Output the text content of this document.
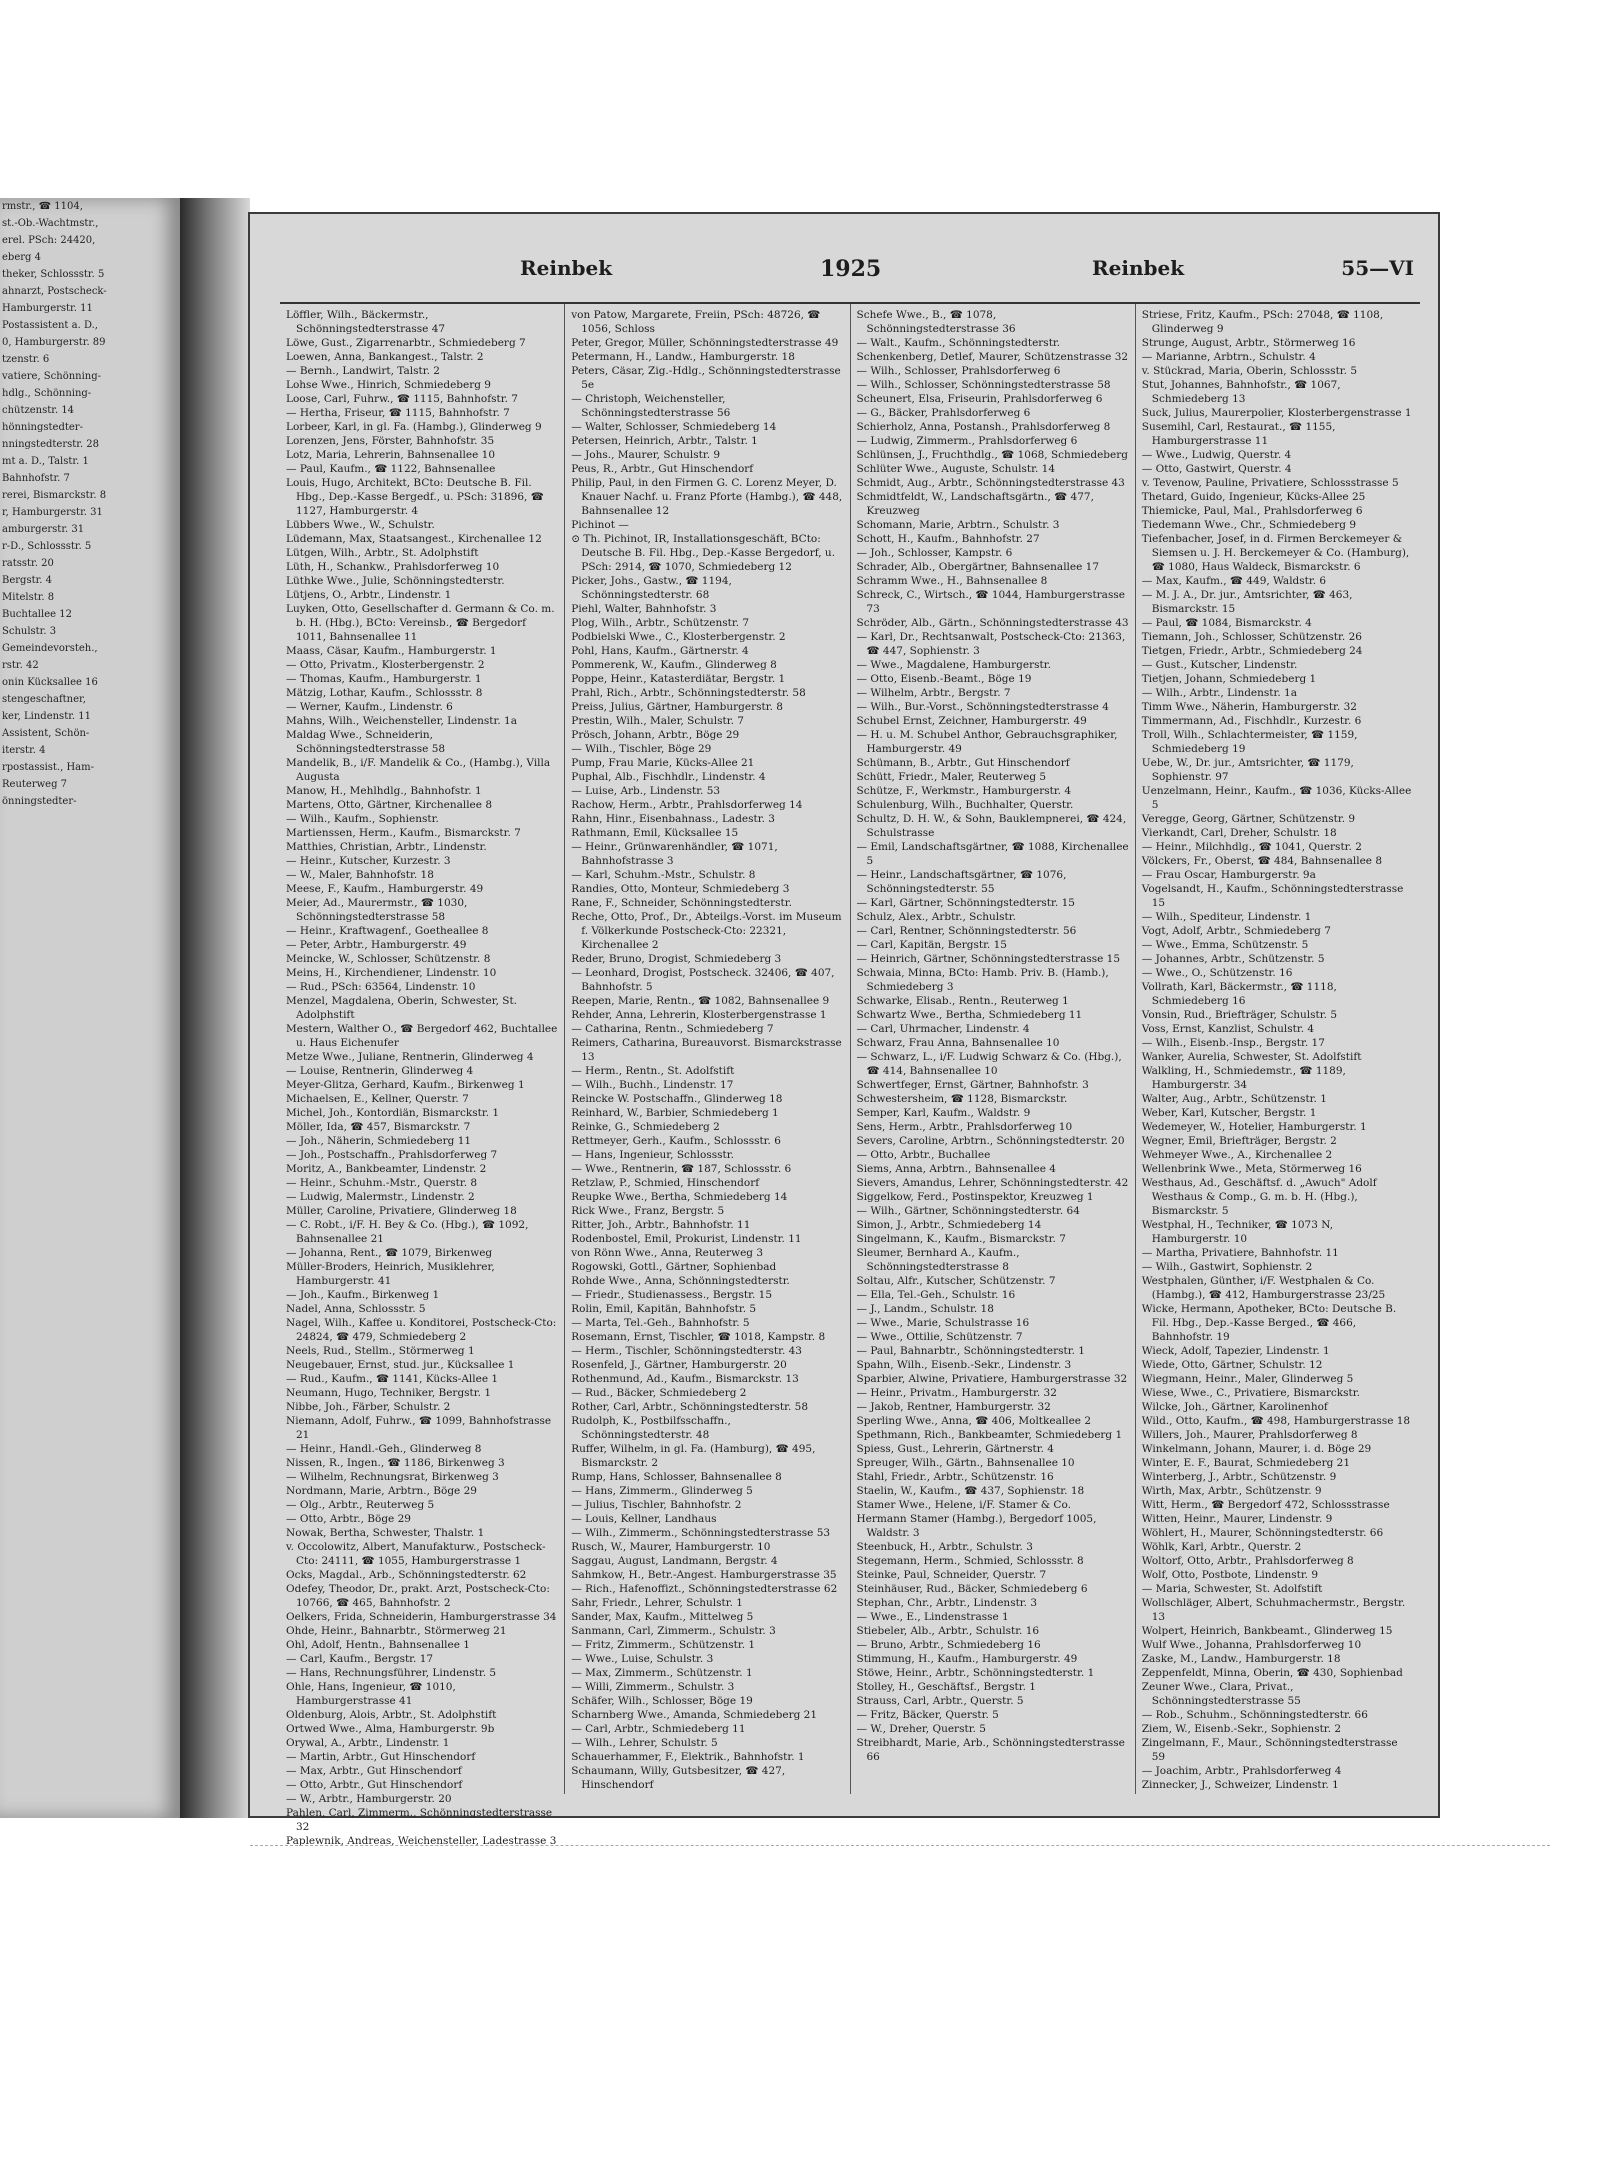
rmstr., ☎ 1104,
st.-Ob.-Wachtmstr.,
erel. PSch: 24420,
eberg 4
theker, Schlossstr. 5
ahnarzt, Postscheck-
Hamburgerstr. 11
Postassistent a. D.,
0, Hamburgerstr. 89
tzenstr. 6
vatiere, Schönning-
hdlg., Schönning-
chützenstr. 14
hönningstedter-
nningstedterstr. 28
mt a. D., Talstr. 1
Bahnhofstr. 7
rerei, Bismarckstr. 8
r, Hamburgerstr. 31
amburgerstr. 31
r-D., Schlossstr. 5
ratsstr. 20
Bergstr. 4
Mitelstr. 8
Buchtallee 12
Schulstr. 3
Gemeindevorsteh.,
rstr. 42
onin Kücksallee 16
stengeschaftner,
ker, Lindenstr. 11
Assistent, Schön-
iterstr. 4
rpostassist., Ham-
Reuterweg 7
önningstedter-
Reinbek	1925	Reinbek	55—VI

Löffler, Wilh., Bäckermstr., Schönningstedterstrasse 47

Löwe, Gust., Zigarrenarbtr., Schmiedeberg 7

Loewen, Anna, Bankangest., Talstr. 2

— Bernh., Landwirt, Talstr. 2

Lohse Wwe., Hinrich, Schmiedeberg 9

Loose, Carl, Fuhrw., ☎ 1115, Bahnhofstr. 7

— Hertha, Friseur, ☎ 1115, Bahnhofstr. 7

Lorbeer, Karl, in gl. Fa. (Hambg.), Glinderweg 9

Lorenzen, Jens, Förster, Bahnhofstr. 35

Lotz, Maria, Lehrerin, Bahnsenallee 10

— Paul, Kaufm., ☎ 1122, Bahnsenallee

Louis, Hugo, Architekt, BCto: Deutsche B. Fil. Hbg., Dep.-Kasse Bergedf., u. PSch: 31896, ☎ 1127, Hamburgerstr. 4

Lübbers Wwe., W., Schulstr.

Lüdemann, Max, Staatsangest., Kirchenallee 12

Lütgen, Wilh., Arbtr., St. Adolphstift

Lüth, H., Schankw., Prahlsdorferweg 10

Lüthke Wwe., Julie, Schönningstedterstr.

Lütjens, O., Arbtr., Lindenstr. 1

Luyken, Otto, Gesellschafter d. Germann & Co. m. b. H. (Hbg.), BCto: Vereinsb., ☎ Bergedorf 1011, Bahnsenallee 11

Maass, Cäsar, Kaufm., Hamburgerstr. 1

— Otto, Privatm., Klosterbergenstr. 2

— Thomas, Kaufm., Hamburgerstr. 1

Mätzig, Lothar, Kaufm., Schlossstr. 8

— Werner, Kaufm., Lindenstr. 6

Mahns, Wilh., Weichensteller, Lindenstr. 1a

Maldag Wwe., Schneiderin, Schönningstedterstrasse 58

Mandelik, B., i/F. Mandelik & Co., (Hambg.), Villa Augusta

Manow, H., Mehlhdlg., Bahnhofstr. 1

Martens, Otto, Gärtner, Kirchenallee 8

— Wilh., Kaufm., Sophienstr.

Martienssen, Herm., Kaufm., Bismarckstr. 7

Matthies, Christian, Arbtr., Lindenstr.

— Heinr., Kutscher, Kurzestr. 3

— W., Maler, Bahnhofstr. 18

Meese, F., Kaufm., Hamburgerstr. 49

Meier, Ad., Maurermstr., ☎ 1030, Schönningstedterstrasse 58

— Heinr., Kraftwagenf., Goetheallee 8

— Peter, Arbtr., Hamburgerstr. 49

Meincke, W., Schlosser, Schützenstr. 8

Meins, H., Kirchendiener, Lindenstr. 10

— Rud., PSch: 63564, Lindenstr. 10

Menzel, Magdalena, Oberin, Schwester, St. Adolphstift

Mestern, Walther O., ☎ Bergedorf 462, Buchtallee u. Haus Eichenufer

Metze Wwe., Juliane, Rentnerin, Glinderweg 4

— Louise, Rentnerin, Glinderweg 4

Meyer-Glitza, Gerhard, Kaufm., Birkenweg 1

Michaelsen, E., Kellner, Querstr. 7

Michel, Joh., Kontordiän, Bismarckstr. 1

Möller, Ida, ☎ 457, Bismarckstr. 7

— Joh., Näherin, Schmiedeberg 11

— Joh., Postschaffn., Prahlsdorferweg 7

Moritz, A., Bankbeamter, Lindenstr. 2

— Heinr., Schuhm.-Mstr., Querstr. 8

— Ludwig, Malermstr., Lindenstr. 2

Müller, Caroline, Privatiere, Glinderweg 18

— C. Robt., i/F. H. Bey & Co. (Hbg.), ☎ 1092, Bahnsenallee 21

— Johanna, Rent., ☎ 1079, Birkenweg

Müller-Broders, Heinrich, Musiklehrer, Hamburgerstr. 41

— Joh., Kaufm., Birkenweg 1

Nadel, Anna, Schlossstr. 5

Nagel, Wilh., Kaffee u. Konditorei, Postscheck-Cto: 24824, ☎ 479, Schmiedeberg 2

Neels, Rud., Stellm., Störmerweg 1

Neugebauer, Ernst, stud. jur., Kücksallee 1

— Rud., Kaufm., ☎ 1141, Kücks-Allee 1

Neumann, Hugo, Techniker, Bergstr. 1

Nibbe, Joh., Färber, Schulstr. 2

Niemann, Adolf, Fuhrw., ☎ 1099, Bahnhofstrasse 21

— Heinr., Handl.-Geh., Glinderweg 8

Nissen, R., Ingen., ☎ 1186, Birkenweg 3

— Wilhelm, Rechnungsrat, Birkenweg 3

Nordmann, Marie, Arbtrn., Böge 29

— Olg., Arbtr., Reuterweg 5

— Otto, Arbtr., Böge 29

Nowak, Bertha, Schwester, Thalstr. 1

v. Occolowitz, Albert, Manufakturw., Postscheck-Cto: 24111, ☎ 1055, Hamburgerstrasse 1

Ocks, Magdal., Arb., Schönningstedterstr. 62

Odefey, Theodor, Dr., prakt. Arzt, Postscheck-Cto: 10766, ☎ 465, Bahnhofstr. 2

Oelkers, Frida, Schneiderin, Hamburgerstrasse 34

Ohde, Heinr., Bahnarbtr., Störmerweg 21

Ohl, Adolf, Hentn., Bahnsenallee 1

— Carl, Kaufm., Bergstr. 17

— Hans, Rechnungsführer, Lindenstr. 5

Ohle, Hans, Ingenieur, ☎ 1010, Hamburgerstrasse 41

Oldenburg, Alois, Arbtr., St. Adolphstift

Ortwed Wwe., Alma, Hamburgerstr. 9b

Orywal, A., Arbtr., Lindenstr. 1

— Martin, Arbtr., Gut Hinschendorf

— Max, Arbtr., Gut Hinschendorf

— Otto, Arbtr., Gut Hinschendorf

— W., Arbtr., Hamburgerstr. 20

Pahlen, Carl, Zimmerm., Schönningstedterstrasse 32

Paplewnik, Andreas, Weichensteller, Ladestrasse 3

von Patow, Margarete, Freiin, PSch: 48726, ☎ 1056, Schloss

Peter, Gregor, Müller, Schönningstedterstrasse 49

Petermann, H., Landw., Hamburgerstr. 18

Peters, Cäsar, Zig.-Hdlg., Schönningstedterstrasse 5e

— Christoph, Weichensteller, Schönningstedterstrasse 56

— Walter, Schlosser, Schmiedeberg 14

Petersen, Heinrich, Arbtr., Talstr. 1

— Johs., Maurer, Schulstr. 9

Peus, R., Arbtr., Gut Hinschendorf

Philip, Paul, in den Firmen G. C. Lorenz Meyer, D. Knauer Nachf. u. Franz Pforte (Hambg.), ☎ 448, Bahnsenallee 12

Pichinot —

⊙ Th. Pichinot, IR, Installationsgeschäft, BCto: Deutsche B. Fil. Hbg., Dep.-Kasse Bergedorf, u. PSch: 2914, ☎ 1070, Schmiedeberg 12

Picker, Johs., Gastw., ☎ 1194, Schönningstedterstr. 68

Piehl, Walter, Bahnhofstr. 3

Plog, Wilh., Arbtr., Schützenstr. 7

Podbielski Wwe., C., Klosterbergenstr. 2

Pohl, Hans, Kaufm., Gärtnerstr. 4

Pommerenk, W., Kaufm., Glinderweg 8

Poppe, Heinr., Katasterdiätar, Bergstr. 1

Prahl, Rich., Arbtr., Schönningstedterstr. 58

Preiss, Julius, Gärtner, Hamburgerstr. 8

Prestin, Wilh., Maler, Schulstr. 7

Prösch, Johann, Arbtr., Böge 29

— Wilh., Tischler, Böge 29

Pump, Frau Marie, Kücks-Allee 21

Puphal, Alb., Fischhdlr., Lindenstr. 4

— Luise, Arb., Lindenstr. 53

Rachow, Herm., Arbtr., Prahlsdorferweg 14

Rahn, Hinr., Eisenbahnass., Ladestr. 3

Rathmann, Emil, Kücksallee 15

— Heinr., Grünwarenhändler, ☎ 1071, Bahnhofstrasse 3

— Karl, Schuhm.-Mstr., Schulstr. 8

Randies, Otto, Monteur, Schmiedeberg 3

Rane, F., Schneider, Schönningstedterstr.

Reche, Otto, Prof., Dr., Abteilgs.-Vorst. im Museum f. Völkerkunde Postscheck-Cto: 22321, Kirchenallee 2

Reder, Bruno, Drogist, Schmiedeberg 3

— Leonhard, Drogist, Postscheck. 32406, ☎ 407, Bahnhofstr. 5

Reepen, Marie, Rentn., ☎ 1082, Bahnsenallee 9

Rehder, Anna, Lehrerin, Klosterbergenstrasse 1

— Catharina, Rentn., Schmiedeberg 7

Reimers, Catharina, Bureauvorst. Bismarckstrasse 13

— Herm., Rentn., St. Adolfstift

— Wilh., Buchh., Lindenstr. 17

Reincke W. Postschaffn., Glinderweg 18

Reinhard, W., Barbier, Schmiedeberg 1

Reinke, G., Schmiedeberg 2

Rettmeyer, Gerh., Kaufm., Schlossstr. 6

— Hans, Ingenieur, Schlossstr.

— Wwe., Rentnerin, ☎ 187, Schlossstr. 6

Retzlaw, P., Schmied, Hinschendorf

Reupke Wwe., Bertha, Schmiedeberg 14

Rick Wwe., Franz, Bergstr. 5

Ritter, Joh., Arbtr., Bahnhofstr. 11

Rodenbostel, Emil, Prokurist, Lindenstr. 11

von Rönn Wwe., Anna, Reuterweg 3

Rogowski, Gottl., Gärtner, Sophienbad

Rohde Wwe., Anna, Schönningstedterstr.

— Friedr., Studienassess., Bergstr. 15

Rolin, Emil, Kapitän, Bahnhofstr. 5

— Marta, Tel.-Geh., Bahnhofstr. 5

Rosemann, Ernst, Tischler, ☎ 1018, Kampstr. 8

— Herm., Tischler, Schönningstedterstr. 43

Rosenfeld, J., Gärtner, Hamburgerstr. 20

Rothenmund, Ad., Kaufm., Bismarckstr. 13

— Rud., Bäcker, Schmiedeberg 2

Rother, Carl, Arbtr., Schönningstedterstr. 58

Rudolph, K., Postbilfsschaffn., Schönningstedterstr. 48

Ruffer, Wilhelm, in gl. Fa. (Hamburg), ☎ 495, Bismarckstr. 2

Rump, Hans, Schlosser, Bahnsenallee 8

— Hans, Zimmerm., Glinderweg 5

— Julius, Tischler, Bahnhofstr. 2

— Louis, Kellner, Landhaus

— Wilh., Zimmerm., Schönningstedterstrasse 53

Rusch, W., Maurer, Hamburgerstr. 10

Saggau, August, Landmann, Bergstr. 4

Sahmkow, H., Betr.-Angest. Hamburgerstrasse 35

— Rich., Hafenoffizt., Schönningstedterstrasse 62

Sahr, Friedr., Lehrer, Schulstr. 1

Sander, Max, Kaufm., Mittelweg 5

Sanmann, Carl, Zimmerm., Schulstr. 3

— Fritz, Zimmerm., Schützenstr. 1

— Wwe., Luise, Schulstr. 3

— Max, Zimmerm., Schützenstr. 1

— Willi, Zimmerm., Schulstr. 3

Schäfer, Wilh., Schlosser, Böge 19

Scharnberg Wwe., Amanda, Schmiedeberg 21

— Carl, Arbtr., Schmiedeberg 11

— Wilh., Lehrer, Schulstr. 5

Schauerhammer, F., Elektrik., Bahnhofstr. 1

Schaumann, Willy, Gutsbesitzer, ☎ 427, Hinschendorf

Schefe Wwe., B., ☎ 1078, Schönningstedterstrasse 36

— Walt., Kaufm., Schönningstedterstr.

Schenkenberg, Detlef, Maurer, Schützenstrasse 32

— Wilh., Schlosser, Prahlsdorferweg 6

— Wilh., Schlosser, Schönningstedterstrasse 58

Scheunert, Elsa, Friseurin, Prahlsdorferweg 6

— G., Bäcker, Prahlsdorferweg 6

Schierholz, Anna, Postansh., Prahlsdorferweg 8

— Ludwig, Zimmerm., Prahlsdorferweg 6

Schlünsen, J., Fruchthdlg., ☎ 1068, Schmiedeberg

Schlüter Wwe., Auguste, Schulstr. 14

Schmidt, Aug., Arbtr., Schönningstedterstrasse 43

Schmidtfeldt, W., Landschaftsgärtn., ☎ 477, Kreuzweg

Schomann, Marie, Arbtrn., Schulstr. 3

Schott, H., Kaufm., Bahnhofstr. 27

— Joh., Schlosser, Kampstr. 6

Schrader, Alb., Obergärtner, Bahnsenallee 17

Schramm Wwe., H., Bahnsenallee 8

Schreck, C., Wirtsch., ☎ 1044, Hamburgerstrasse 73

Schröder, Alb., Gärtn., Schönningstedterstrasse 43

— Karl, Dr., Rechtsanwalt, Postscheck-Cto: 21363, ☎ 447, Sophienstr. 3

— Wwe., Magdalene, Hamburgerstr.

— Otto, Eisenb.-Beamt., Böge 19

— Wilhelm, Arbtr., Bergstr. 7

— Wilh., Bur.-Vorst., Schönningstedterstrasse 4

Schubel Ernst, Zeichner, Hamburgerstr. 49

— H. u. M. Schubel Anthor, Gebrauchsgraphiker, Hamburgerstr. 49

Schümann, B., Arbtr., Gut Hinschendorf

Schütt, Friedr., Maler, Reuterweg 5

Schütze, F., Werkmstr., Hamburgerstr. 4

Schulenburg, Wilh., Buchhalter, Querstr.

Schultz, D. H. W., & Sohn, Bauklempnerei, ☎ 424, Schulstrasse

— Emil, Landschaftsgärtner, ☎ 1088, Kirchenallee 5

— Heinr., Landschaftsgärtner, ☎ 1076, Schönningstedterstr. 55

— Karl, Gärtner, Schönningstedterstr. 15

Schulz, Alex., Arbtr., Schulstr.

— Carl, Rentner, Schönningstedterstr. 56

— Carl, Kapitän, Bergstr. 15

— Heinrich, Gärtner, Schönningstedterstrasse 15

Schwaia, Minna, BCto: Hamb. Priv. B. (Hamb.), Schmiedeberg 3

Schwarke, Elisab., Rentn., Reuterweg 1

Schwartz Wwe., Bertha, Schmiedeberg 11

— Carl, Uhrmacher, Lindenstr. 4

Schwarz, Frau Anna, Bahnsenallee 10

— Schwarz, L., i/F. Ludwig Schwarz & Co. (Hbg.), ☎ 414, Bahnsenallee 10

Schwertfeger, Ernst, Gärtner, Bahnhofstr. 3

Schwestersheim, ☎ 1128, Bismarckstr.

Semper, Karl, Kaufm., Waldstr. 9

Sens, Herm., Arbtr., Prahlsdorferweg 10

Severs, Caroline, Arbtrn., Schönningstedterstr. 20

— Otto, Arbtr., Buchallee

Siems, Anna, Arbtrn., Bahnsenallee 4

Sievers, Amandus, Lehrer, Schönningstedterstr. 42

Siggelkow, Ferd., Postinspektor, Kreuzweg 1

— Wilh., Gärtner, Schönningstedterstr. 64

Simon, J., Arbtr., Schmiedeberg 14

Singelmann, K., Kaufm., Bismarckstr. 7

Sleumer, Bernhard A., Kaufm., Schönningstedterstrasse 8

Soltau, Alfr., Kutscher, Schützenstr. 7

— Ella, Tel.-Geh., Schulstr. 16

— J., Landm., Schulstr. 18

— Wwe., Marie, Schulstrasse 16

— Wwe., Ottilie, Schützenstr. 7

— Paul, Bahnarbtr., Schönningstedterstr. 1

Spahn, Wilh., Eisenb.-Sekr., Lindenstr. 3

Sparbier, Alwine, Privatiere, Hamburgerstrasse 32

— Heinr., Privatm., Hamburgerstr. 32

— Jakob, Rentner, Hamburgerstr. 32

Sperling Wwe., Anna, ☎ 406, Moltkeallee 2

Spethmann, Rich., Bankbeamter, Schmiedeberg 1

Spiess, Gust., Lehrerin, Gärtnerstr. 4

Spreuger, Wilh., Gärtn., Bahnsenallee 10

Stahl, Friedr., Arbtr., Schützenstr. 16

Staelin, W., Kaufm., ☎ 437, Sophienstr. 18

Stamer Wwe., Helene, i/F. Stamer & Co.

Hermann Stamer (Hambg.), Bergedorf 1005, Waldstr. 3

Steenbuck, H., Arbtr., Schulstr. 3

Stegemann, Herm., Schmied, Schlossstr. 8

Steinke, Paul, Schneider, Querstr. 7

Steinhäuser, Rud., Bäcker, Schmiedeberg 6

Stephan, Chr., Arbtr., Lindenstr. 3

— Wwe., E., Lindenstrasse 1

Stiebeler, Alb., Arbtr., Schulstr. 16

— Bruno, Arbtr., Schmiedeberg 16

Stimmung, H., Kaufm., Hamburgerstr. 49

Stöwe, Heinr., Arbtr., Schönningstedterstr. 1

Stolley, H., Geschäftsf., Bergstr. 1

Strauss, Carl, Arbtr., Querstr. 5

— Fritz, Bäcker, Querstr. 5

— W., Dreher, Querstr. 5

Streibhardt, Marie, Arb., Schönningstedterstrasse 66

Striese, Fritz, Kaufm., PSch: 27048, ☎ 1108, Glinderweg 9

Strunge, August, Arbtr., Störmerweg 16

— Marianne, Arbtrn., Schulstr. 4

v. Stückrad, Maria, Oberin, Schlossstr. 5

Stut, Johannes, Bahnhofstr., ☎ 1067, Schmiedeberg 13

Suck, Julius, Maurerpolier, Klosterbergenstrasse 1

Susemihl, Carl, Restaurat., ☎ 1155, Hamburgerstrasse 11

— Wwe., Ludwig, Querstr. 4

— Otto, Gastwirt, Querstr. 4

v. Tevenow, Pauline, Privatiere, Schlossstrasse 5

Thetard, Guido, Ingenieur, Kücks-Allee 25

Thiemicke, Paul, Mal., Prahlsdorferweg 6

Tiedemann Wwe., Chr., Schmiedeberg 9

Tiefenbacher, Josef, in d. Firmen Berckemeyer & Siemsen u. J. H. Berckemeyer & Co. (Hamburg), ☎ 1080, Haus Waldeck, Bismarckstr. 6

— Max, Kaufm., ☎ 449, Waldstr. 6

— M. J. A., Dr. jur., Amtsrichter, ☎ 463, Bismarckstr. 15

— Paul, ☎ 1084, Bismarckstr. 4

Tiemann, Joh., Schlosser, Schützenstr. 26

Tietgen, Friedr., Arbtr., Schmiedeberg 24

— Gust., Kutscher, Lindenstr.

Tietjen, Johann, Schmiedeberg 1

— Wilh., Arbtr., Lindenstr. 1a

Timm Wwe., Näherin, Hamburgerstr. 32

Timmermann, Ad., Fischhdlr., Kurzestr. 6

Troll, Wilh., Schlachtermeister, ☎ 1159, Schmiedeberg 19

Uebe, W., Dr. jur., Amtsrichter, ☎ 1179, Sophienstr. 97

Uenzelmann, Heinr., Kaufm., ☎ 1036, Kücks-Allee 5

Veregge, Georg, Gärtner, Schützenstr. 9

Vierkandt, Carl, Dreher, Schulstr. 18

— Heinr., Milchhdlg., ☎ 1041, Querstr. 2

Völckers, Fr., Oberst, ☎ 484, Bahnsenallee 8

— Frau Oscar, Hamburgerstr. 9a

Vogelsandt, H., Kaufm., Schönningstedterstrasse 15

— Wilh., Spediteur, Lindenstr. 1

Vogt, Adolf, Arbtr., Schmiedeberg 7

— Wwe., Emma, Schützenstr. 5

— Johannes, Arbtr., Schützenstr. 5

— Wwe., O., Schützenstr. 16

Vollrath, Karl, Bäckermstr., ☎ 1118, Schmiedeberg 16

Vonsin, Rud., Briefträger, Schulstr. 5

Voss, Ernst, Kanzlist, Schulstr. 4

— Wilh., Eisenb.-Insp., Bergstr. 17

Wanker, Aurelia, Schwester, St. Adolfstift

Walkling, H., Schmiedemstr., ☎ 1189, Hamburgerstr. 34

Walter, Aug., Arbtr., Schützenstr. 1

Weber, Karl, Kutscher, Bergstr. 1

Wedemeyer, W., Hotelier, Hamburgerstr. 1

Wegner, Emil, Briefträger, Bergstr. 2

Wehmeyer Wwe., A., Kirchenallee 2

Wellenbrink Wwe., Meta, Störmerweg 16

Westhaus, Ad., Geschäftsf. d. „Awuch" Adolf Westhaus & Comp., G. m. b. H. (Hbg.), Bismarckstr. 5

Westphal, H., Techniker, ☎ 1073 N, Hamburgerstr. 10

— Martha, Privatiere, Bahnhofstr. 11

— Wilh., Gastwirt, Sophienstr. 2

Westphalen, Günther, i/F. Westphalen & Co. (Hambg.), ☎ 412, Hamburgerstrasse 23/25

Wicke, Hermann, Apotheker, BCto: Deutsche B. Fil. Hbg., Dep.-Kasse Berged., ☎ 466, Bahnhofstr. 19

Wieck, Adolf, Tapezier, Lindenstr. 1

Wiede, Otto, Gärtner, Schulstr. 12

Wiegmann, Heinr., Maler, Glinderweg 5

Wiese, Wwe., C., Privatiere, Bismarckstr.

Wilcke, Joh., Gärtner, Karolinenhof

Wild., Otto, Kaufm., ☎ 498, Hamburgerstrasse 18

Willers, Joh., Maurer, Prahlsdorferweg 8

Winkelmann, Johann, Maurer, i. d. Böge 29

Winter, E. F., Baurat, Schmiedeberg 21

Winterberg, J., Arbtr., Schützenstr. 9

Wirth, Max, Arbtr., Schützenstr. 9

Witt, Herm., ☎ Bergedorf 472, Schlossstrasse

Witten, Heinr., Maurer, Lindenstr. 9

Wöhlert, H., Maurer, Schönningstedterstr. 66

Wöhlk, Karl, Arbtr., Querstr. 2

Woltorf, Otto, Arbtr., Prahlsdorferweg 8

Wolf, Otto, Postbote, Lindenstr. 9

— Maria, Schwester, St. Adolfstift

Wollschläger, Albert, Schuhmachermstr., Bergstr. 13

Wolpert, Heinrich, Bankbeamt., Glinderweg 15

Wulf Wwe., Johanna, Prahlsdorferweg 10

Zaske, M., Landw., Hamburgerstr. 18

Zeppenfeldt, Minna, Oberin, ☎ 430, Sophienbad

Zeuner Wwe., Clara, Privat., Schönningstedterstrasse 55

— Rob., Schuhm., Schönningstedterstr. 66

Ziem, W., Eisenb.-Sekr., Sophienstr. 2

Zingelmann, F., Maur., Schönningstedterstrasse 59

— Joachim, Arbtr., Prahlsdorferweg 4

Zinnecker, J., Schweizer, Lindenstr. 1
